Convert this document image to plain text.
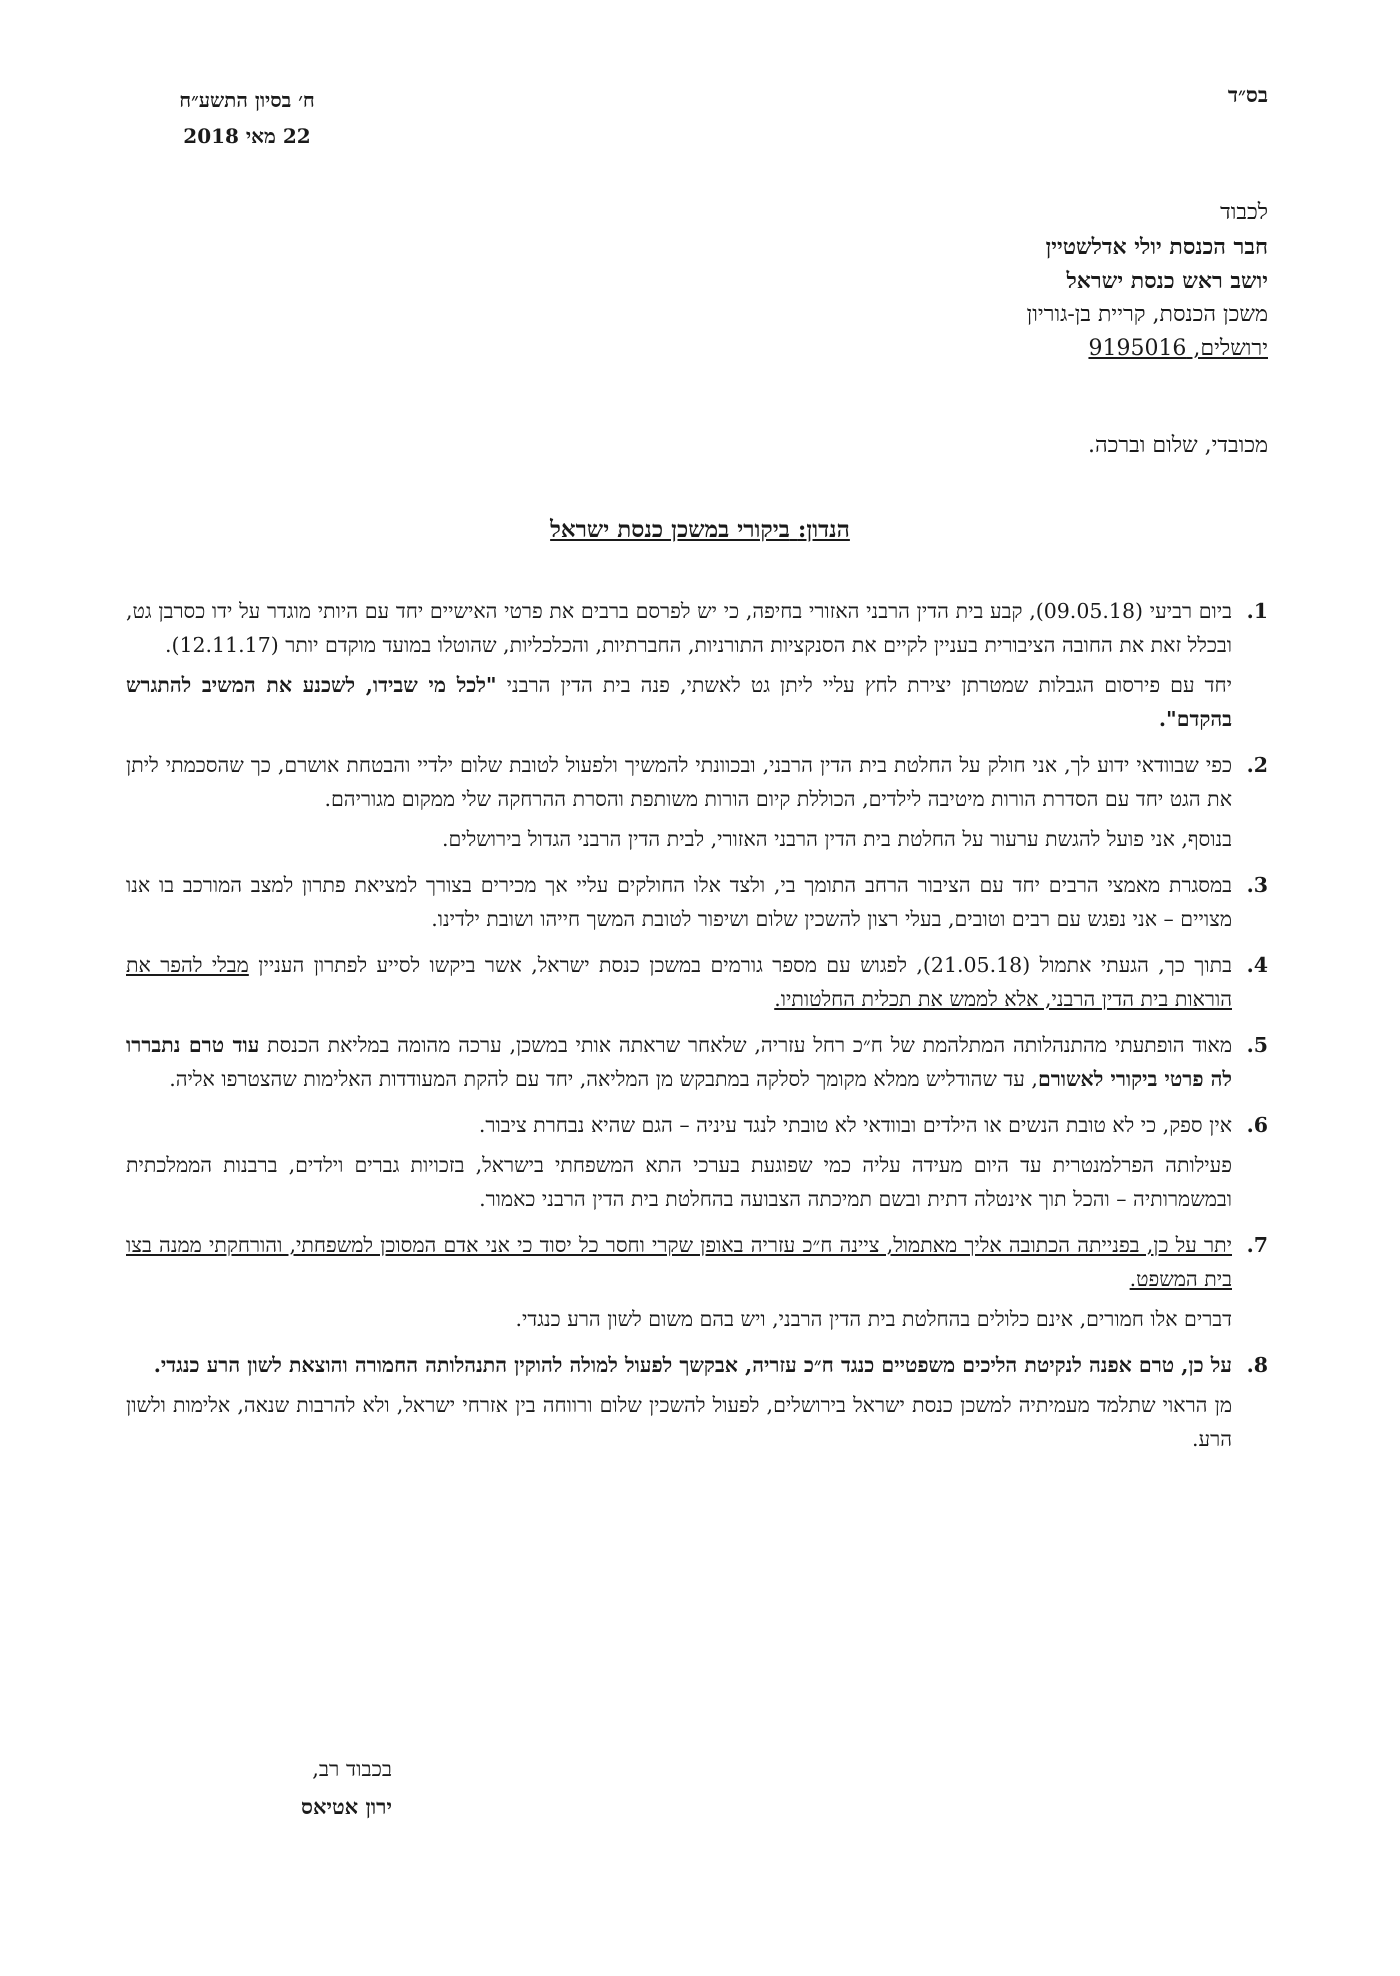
בס״ד
ח׳ בסיון התשע״ח
22 מאי 2018
לכבוד
חבר הכנסת יולי אדלשטיין
יושב ראש כנסת ישראל
משכן הכנסת, קריית בן-גוריון
ירושלים, 9195016
מכובדי, שלום וברכה.
הנדון: ביקורי במשכן כנסת ישראל
1.

ביום רביעי (09.05.18), קבע בית הדין הרבני האזורי בחיפה, כי יש לפרסם ברבים את פרטי האישיים יחד עם היותי מוגדר על ידו כסרבן גט, ובכלל זאת את החובה הציבורית בעניין לקיים את הסנקציות התורניות, החברתיות, והכלכליות, שהוטלו במועד מוקדם יותר (12.11.17).

יחד עם פירסום הגבלות שמטרתן יצירת לחץ עליי ליתן גט לאשתי, פנה בית הדין הרבני "לכל מי שבידו, לשכנע את המשיב להתגרש בהקדם".

2.

כפי שבוודאי ידוע לך, אני חולק על החלטת בית הדין הרבני, ובכוונתי להמשיך ולפעול לטובת שלום ילדיי והבטחת אושרם, כך שהסכמתי ליתן את הגט יחד עם הסדרת הורות מיטיבה לילדים, הכוללת קיום הורות משותפת והסרת ההרחקה שלי ממקום מגוריהם.

בנוסף, אני פועל להגשת ערעור על החלטת בית הדין הרבני האזורי, לבית הדין הרבני הגדול בירושלים.

3.

במסגרת מאמצי הרבים יחד עם הציבור הרחב התומך בי, ולצד אלו החולקים עליי אך מכירים בצורך למציאת פתרון למצב המורכב בו אנו מצויים – אני נפגש עם רבים וטובים, בעלי רצון להשכין שלום ושיפור לטובת המשך חייהו ושובת ילדינו.

4.

בתוך כך, הגעתי אתמול (21.05.18), לפגוש עם מספר גורמים במשכן כנסת ישראל, אשר ביקשו לסייע לפתרון העניין מבלי להפר את הוראות בית הדין הרבני, אלא לממש את תכלית החלטותיו.

5.

מאוד הופתעתי מהתנהלותה המתלהמת של ח״כ רחל עזריה, שלאחר שראתה אותי במשכן, ערכה מהומה במליאת הכנסת עוד טרם נתבררו לה פרטי ביקורי לאשורם, עד שהודליש ממלא מקומך לסלקה במתבקש מן המליאה, יחד עם להקת המעודדות האלימות שהצטרפו אליה.

6.

אין ספק, כי לא טובת הנשים או הילדים ובוודאי לא טובתי לנגד עיניה – הגם שהיא נבחרת ציבור.

פעילותה הפרלמנטרית עד היום מעידה עליה כמי שפוגעת בערכי התא המשפחתי בישראל, בזכויות גברים וילדים, ברבנות הממלכתית ובמשמרותיה – והכל תוך אינטלה דתית ובשם תמיכתה הצבועה בהחלטת בית הדין הרבני כאמור.

7.

יתר על כן, בפנייתה הכתובה אליך מאתמול, ציינה ח״כ עזריה באופן שקרי וחסר כל יסוד כי אני אדם המסוכן למשפחתי, והורחקתי ממנה בצו בית המשפט.

דברים אלו חמורים, אינם כלולים בהחלטת בית הדין הרבני, ויש בהם משום לשון הרע כנגדי.

8.

על כן, טרם אפנה לנקיטת הליכים משפטיים כנגד ח״כ עזריה, אבקשך לפעול למולה להוקין התנהלותה החמורה והוצאת לשון הרע כנגדי.

מן הראוי שתלמד מעמיתיה למשכן כנסת ישראל בירושלים, לפעול להשכין שלום ורווחה בין אזרחי ישראל, ולא להרבות שנאה, אלימות ולשון הרע.

בכבוד רב,
ירון אטיאס
